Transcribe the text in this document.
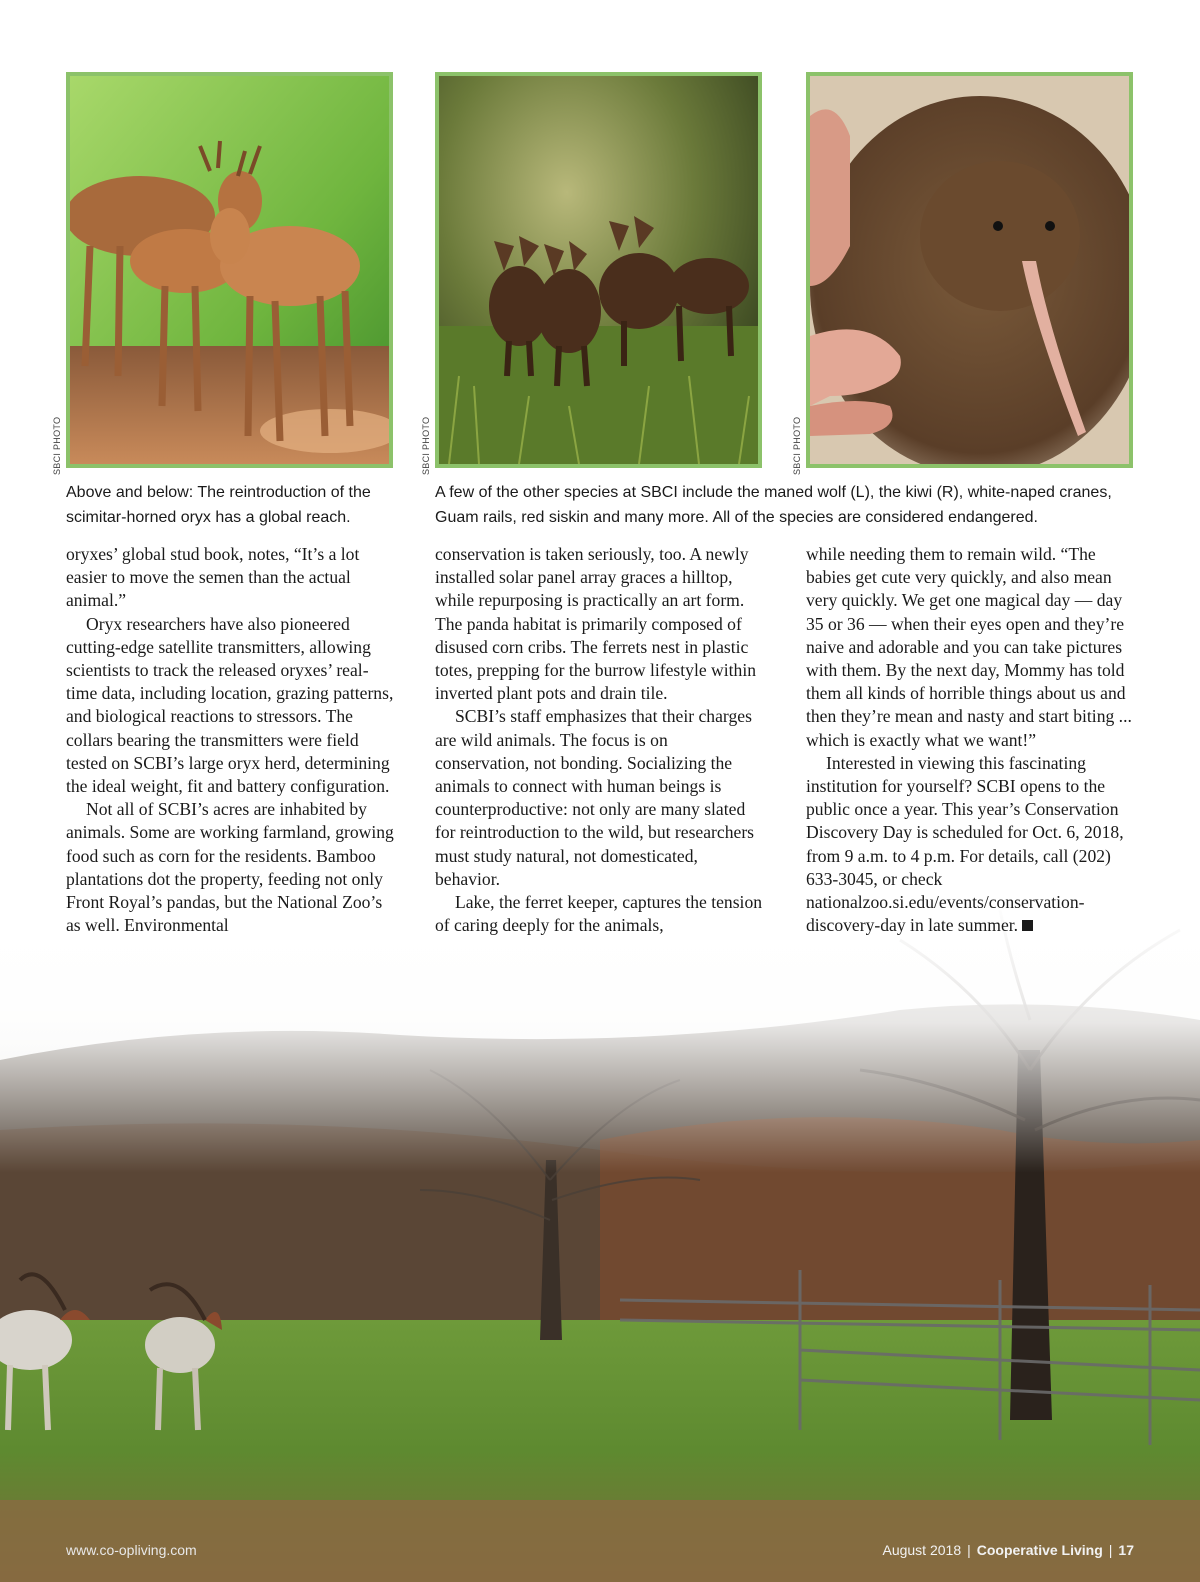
SBCI PHOTO	SBCI PHOTO	SBCI PHOTO
Above and below: The reintroduction of the scimitar-horned oryx has a global reach.
A few of the other species at SBCI include the maned wolf (L), the kiwi (R), white-naped cranes, Guam rails, red siskin and many more. All of the species are considered endangered.

oryxes’ global stud book, notes, “It’s a lot easier to move the semen than the actual animal.”

Oryx researchers have also pioneered cutting-edge satellite transmitters, allowing scientists to track the released oryxes’ real-time data, including location, grazing patterns, and biological reactions to stressors. The collars bearing the transmitters were field tested on SCBI’s large oryx herd, determining the ideal weight, fit and battery configuration.

Not all of SCBI’s acres are inhabited by animals. Some are working farmland, growing food such as corn for the residents. Bamboo plantations dot the property, feeding not only Front Royal’s pandas, but the National Zoo’s as well. Environmental

conservation is taken seriously, too. A newly installed solar panel array graces a hilltop, while repurposing is practically an art form. The panda habitat is primarily composed of disused corn cribs. The ferrets nest in plastic totes, prepping for the burrow lifestyle within inverted plant pots and drain tile.

SCBI’s staff emphasizes that their charges are wild animals. The focus is on conservation, not bonding. Socializing the animals to connect with human beings is counterproductive: not only are many slated for reintroduction to the wild, but researchers must study natural, not domesticated, behavior.

Lake, the ferret keeper, captures the tension of caring deeply for the animals,

while needing them to remain wild. “The babies get cute very quickly, and also mean very quickly. We get one magical day — day 35 or 36 — when their eyes open and they’re naive and adorable and you can take pictures with them. By the next day, Mommy has told them all kinds of horrible things about us and then they’re mean and nasty and start biting ... which is exactly what we want!”

Interested in viewing this fascinating institution for yourself? SCBI opens to the public once a year. This year’s Conservation Discovery Day is scheduled for Oct. 6, 2018, from 9 a.m. to 4 p.m. For details, call (202) 633-3045, or check nationalzoo.si.edu/events/conservation-discovery-day in late summer.

www.co-opliving.com	August 2018 | Cooperative Living | 17
